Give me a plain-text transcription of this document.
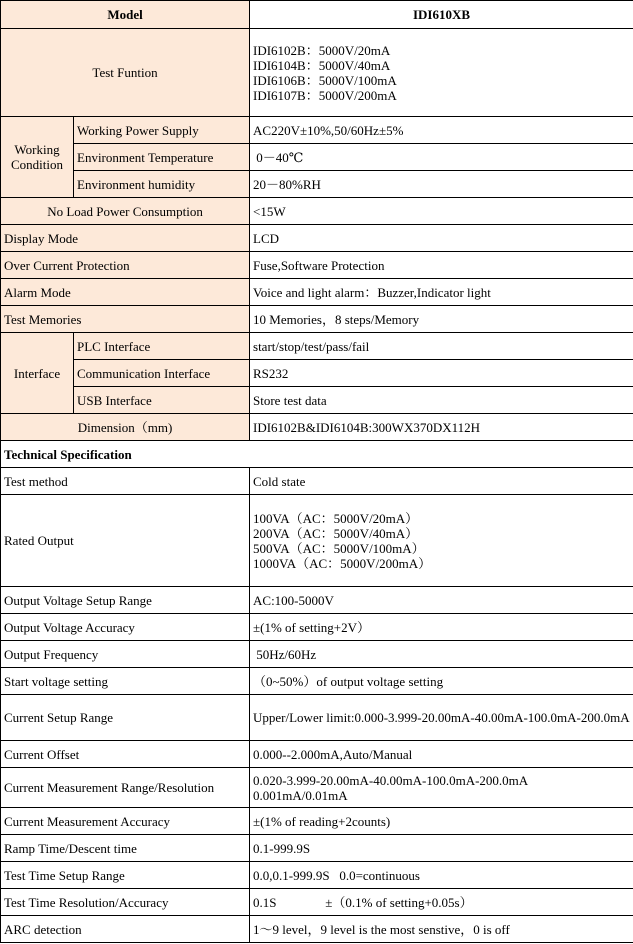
Model		IDI610XB
Test Funtion		IDI6102B：5000V/20mA
IDI6104B：5000V/40mA
IDI6106B：5000V/100mA
IDI6107B：5000V/200mA

Working Condition	Working Power Supply	AC220V±10%,50/60Hz±5%
	Environment Temperature	0－40℃
	Environment humidity	20－80%RH
No Load Power Consumption		<15W
Display Mode		LCD
Over Current Protection		Fuse,Software Protection
Alarm Mode		Voice and light alarm：Buzzer,Indicator light
Test Memories		10 Memories，8 steps/Memory
Interface	PLC Interface	start/stop/test/pass/fail
	Communication Interface	RS232
	USB Interface	Store test data
Dimension（mm)		IDI6102B&IDI6104B:300WX370DX112H
Technical Specification		
Test method		Cold state
Rated Output		100VA（AC：5000V/20mA）
200VA（AC：5000V/40mA）
500VA（AC：5000V/100mA）
1000VA（AC：5000V/200mA）

Output Voltage Setup Range		AC:100-5000V
Output Voltage Accuracy		±(1% of setting+2V）
Output Frequency		50Hz/60Hz
Start voltage setting		（0~50%）of output voltage setting
Current Setup Range		Upper/Lower limit:0.000-3.999-20.00mA-40.00mA-100.0mA-200.0mA
Current Offset		0.000--2.000mA,Auto/Manual
Current Measurement Range/Resolution		0.020-3.999-20.00mA-40.00mA-100.0mA-200.0mA
0.001mA/0.01mA

Current Measurement Accuracy		±(1% of reading+2counts)
Ramp Time/Descent time		0.1-999.9S
Test Time Setup Range		0.0,0.1-999.9S   0.0=continuous
Test Time Resolution/Accuracy		0.1S               ±（0.1% of setting+0.05s）
ARC detection		1～9 level，9 level is the most senstive，0 is off
